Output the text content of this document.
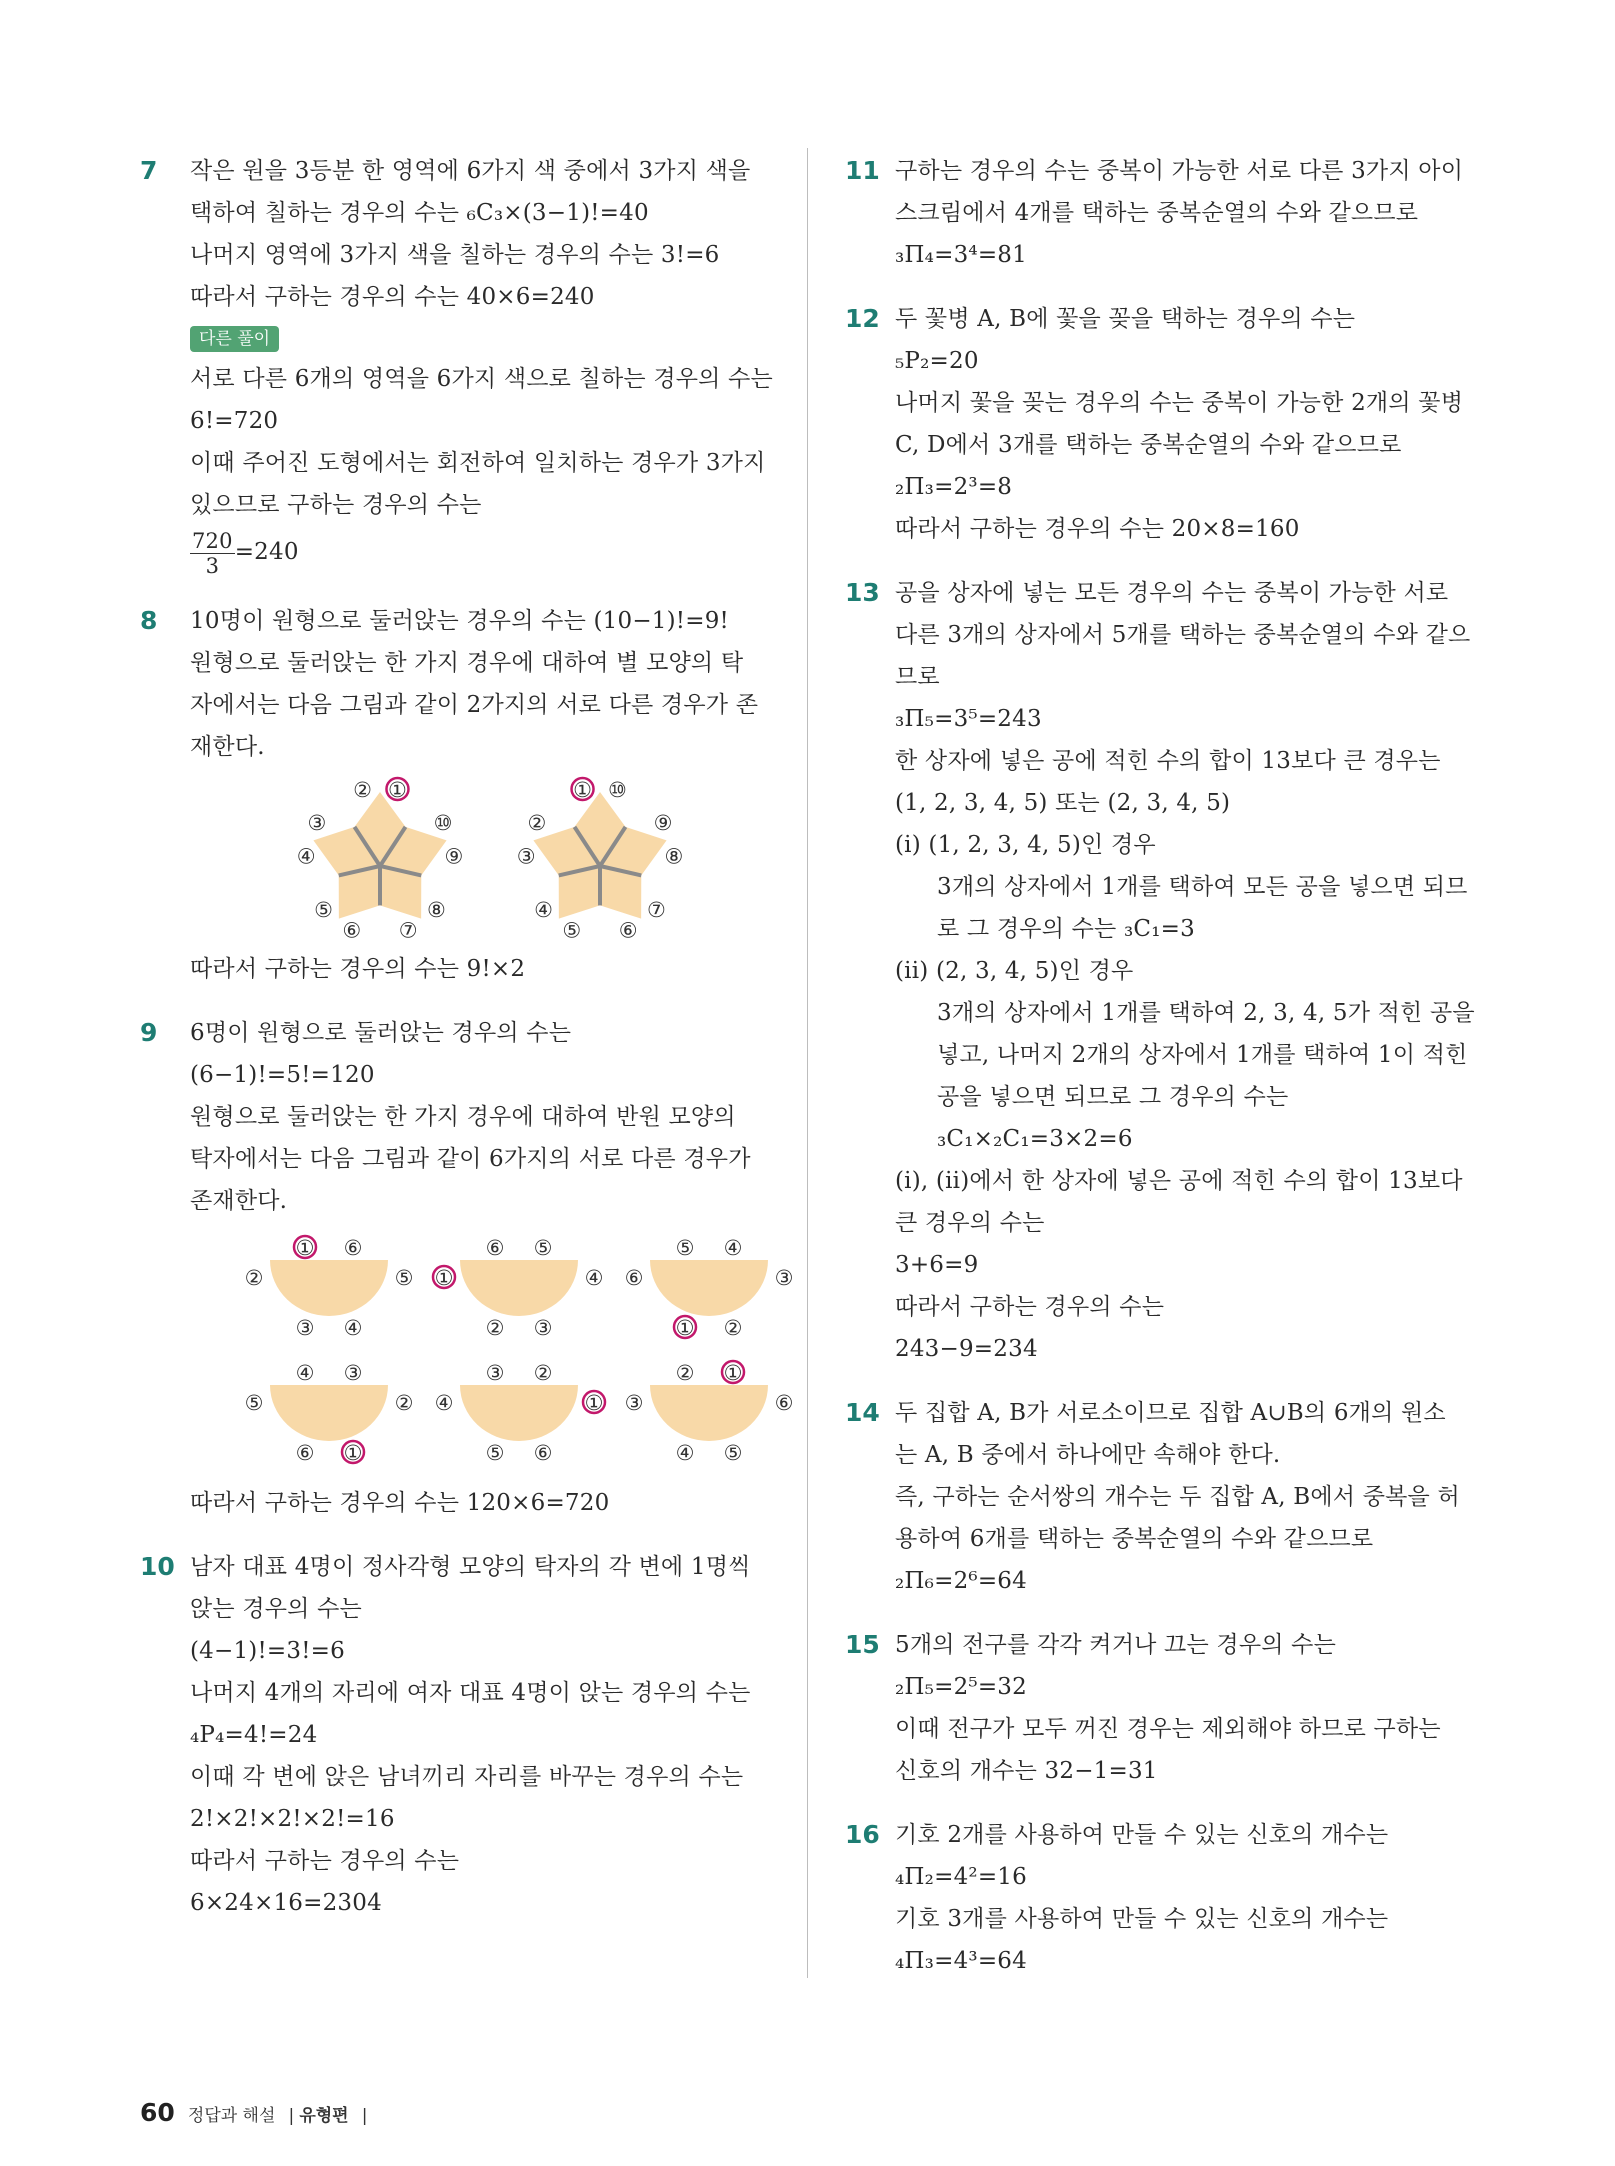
7 작은 원을 3등분 한 영역에 6가지 색 중에서 3가지 색을
택하여 칠하는 경우의 수는 ₆C₃×(3−1)!=40
나머지 영역에 3가지 색을 칠하는 경우의 수는 3!=6
따라서 구하는 경우의 수는 40×6=240
다른 풀이
서로 다른 6개의 영역을 6가지 색으로 칠하는 경우의 수는
6!=720
이때 주어진 도형에서는 회전하여 일치하는 경우가 3가지
있으므로 구하는 경우의 수는
$\frac{720}{3} =240$
8 10명이 원형으로 둘러앉는 경우의 수는 (10−1)!=9!
원형으로 둘러앉는 한 가지 경우에 대하여 별 모양의 탁
자에서는 다음 그림과 같이 2가지의 서로 다른 경우가 존
재한다.
①
⑩
⑨
⑧
⑦
⑥
⑤
④
③
②	⑩
⑨
⑧
⑦
⑥
⑤
④
③
②
①
따라서 구하는 경우의 수는 9!×2
9 6명이 원형으로 둘러앉는 경우의 수는
(6−1)!=5!=120
원형으로 둘러앉는 한 가지 경우에 대하여 반원 모양의
탁자에서는 다음 그림과 같이 6가지의 서로 다른 경우가
존재한다.
① ⑥
②	⑤
③ ④
⑥ ⑤
①	④
② ③
⑤ ④
⑥	③
① ②
④ ③
⑤	②
⑥ ①
③ ②
④	①
⑤ ⑥
② ①
③	⑥
④ ⑤
따라서 구하는 경우의 수는 120×6=720
10 남자 대표 4명이 정사각형 모양의 탁자의 각 변에 1명씩
앉는 경우의 수는
(4−1)!=3!=6
나머지 4개의 자리에 여자 대표 4명이 앉는 경우의 수는
₄P₄=4!=24
이때 각 변에 앉은 남녀끼리 자리를 바꾸는 경우의 수는
2!×2!×2!×2!=16
따라서 구하는 경우의 수는
6×24×16=2304
11 구하는 경우의 수는 중복이 가능한 서로 다른 3가지 아이
스크림에서 4개를 택하는 중복순열의 수와 같으므로
₃Π₄=3⁴=81
12 두 꽃병 A, B에 꽃을 꽂을 택하는 경우의 수는
₅P₂=20
나머지 꽃을 꽂는 경우의 수는 중복이 가능한 2개의 꽃병
C, D에서 3개를 택하는 중복순열의 수와 같으므로
₂Π₃=2³=8
따라서 구하는 경우의 수는 20×8=160
13 공을 상자에 넣는 모든 경우의 수는 중복이 가능한 서로
다른 3개의 상자에서 5개를 택하는 중복순열의 수와 같으
므로
₃Π₅=3⁵=243
한 상자에 넣은 공에 적힌 수의 합이 13보다 큰 경우는
(1, 2, 3, 4, 5) 또는 (2, 3, 4, 5)
(i) (1, 2, 3, 4, 5)인 경우
3개의 상자에서 1개를 택하여 모든 공을 넣으면 되므
로 그 경우의 수는 ₃C₁=3
(ii) (2, 3, 4, 5)인 경우
3개의 상자에서 1개를 택하여 2, 3, 4, 5가 적힌 공을
넣고, 나머지 2개의 상자에서 1개를 택하여 1이 적힌
공을 넣으면 되므로 그 경우의 수는
₃C₁×₂C₁=3×2=6
(i), (ii)에서 한 상자에 넣은 공에 적힌 수의 합이 13보다
큰 경우의 수는
3+6=9
따라서 구하는 경우의 수는
243−9=234
14 두 집합 A, B가 서로소이므로 집합 A∪B의 6개의 원소
는 A, B 중에서 하나에만 속해야 한다.
즉, 구하는 순서쌍의 개수는 두 집합 A, B에서 중복을 허
용하여 6개를 택하는 중복순열의 수와 같으므로
₂Π₆=2⁶=64
15 5개의 전구를 각각 켜거나 끄는 경우의 수는
₂Π₅=2⁵=32
이때 전구가 모두 꺼진 경우는 제외해야 하므로 구하는
신호의 개수는 32−1=31
16 기호 2개를 사용하여 만들 수 있는 신호의 개수는
₄Π₂=4²=16
기호 3개를 사용하여 만들 수 있는 신호의 개수는
₄Π₃=4³=64
60 정답과 해설 | 유형편 |
